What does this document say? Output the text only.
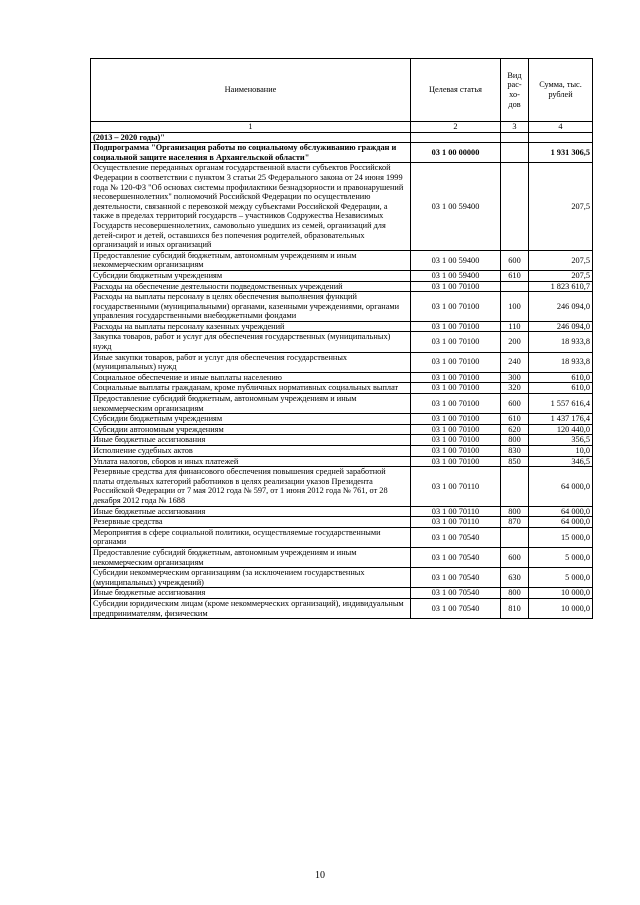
Наименование	Целевая статья	Вид рас-хо-дов	Сумма, тыс. рублей
1	2	3	4
(2013 – 2020 годы)"			
Подпрограмма "Организация работы по социальному обслуживанию граждан и социальной защите населения в Архангельской области"	03 1 00 00000		1 931 306,5
Осуществление переданных органам государственной власти субъектов Российской Федерации в соответствии с пунктом 3 статьи 25 Федерального закона от 24 июня 1999 года № 120-ФЗ "Об основах системы профилактики безнадзорности и правонарушений несовершеннолетних" полномочий Российской Федерации по осуществлению деятельности, связанной с перевозкой между субъектами Российской Федерации, а также в пределах территорий государств – участников Содружества Независимых Государств несовершеннолетних, самовольно ушедших из семей, организаций для детей-сирот и детей, оставшихся без попечения родителей, образовательных организаций и иных организаций	03 1 00 59400		207,5
Предоставление субсидий бюджетным, автономным учреждениям и иным некоммерческим организациям	03 1 00 59400	600	207,5
Субсидии бюджетным учреждениям	03 1 00 59400	610	207,5
Расходы на обеспечение деятельности подведомственных учреждений	03 1 00 70100		1 823 610,7
Расходы на выплаты персоналу в целях обеспечения выполнения функций государственными (муниципальными) органами, казенными учреждениями, органами управления государственными внебюджетными фондами	03 1 00 70100	100	246 094,0
Расходы на выплаты персоналу казенных учреждений	03 1 00 70100	110	246 094,0
Закупка товаров, работ и услуг для обеспечения государственных (муниципальных) нужд	03 1 00 70100	200	18 933,8
Иные закупки товаров, работ и услуг для обеспечения государственных (муниципальных) нужд	03 1 00 70100	240	18 933,8
Социальное обеспечение и иные выплаты населению	03 1 00 70100	300	610,0
Социальные выплаты гражданам, кроме публичных нормативных социальных выплат	03 1 00 70100	320	610,0
Предоставление субсидий бюджетным, автономным учреждениям и иным некоммерческим организациям	03 1 00 70100	600	1 557 616,4
Субсидии бюджетным учреждениям	03 1 00 70100	610	1 437 176,4
Субсидии автономным учреждениям	03 1 00 70100	620	120 440,0
Иные бюджетные ассигнования	03 1 00 70100	800	356,5
Исполнение судебных актов	03 1 00 70100	830	10,0
Уплата налогов, сборов и иных платежей	03 1 00 70100	850	346,5
Резервные средства для финансового обеспечения повышения средней заработной платы отдельных категорий работников в целях реализации указов Президента Российской Федерации от 7 мая 2012 года № 597, от 1 июня 2012 года № 761, от 28 декабря 2012 года № 1688	03 1 00 70110		64 000,0
Иные бюджетные ассигнования	03 1 00 70110	800	64 000,0
Резервные средства	03 1 00 70110	870	64 000,0
Мероприятия в сфере социальной политики, осуществляемые государственными органами	03 1 00 70540		15 000,0
Предоставление субсидий бюджетным, автономным учреждениям и иным некоммерческим организациям	03 1 00 70540	600	5 000,0
Субсидии некоммерческим организациям (за исключением государственных (муниципальных) учреждений)	03 1 00 70540	630	5 000,0
Иные бюджетные ассигнования	03 1 00 70540	800	10 000,0
Субсидии юридическим лицам (кроме некоммерческих организаций), индивидуальным предпринимателям, физическим	03 1 00 70540	810	10 000,0
10
